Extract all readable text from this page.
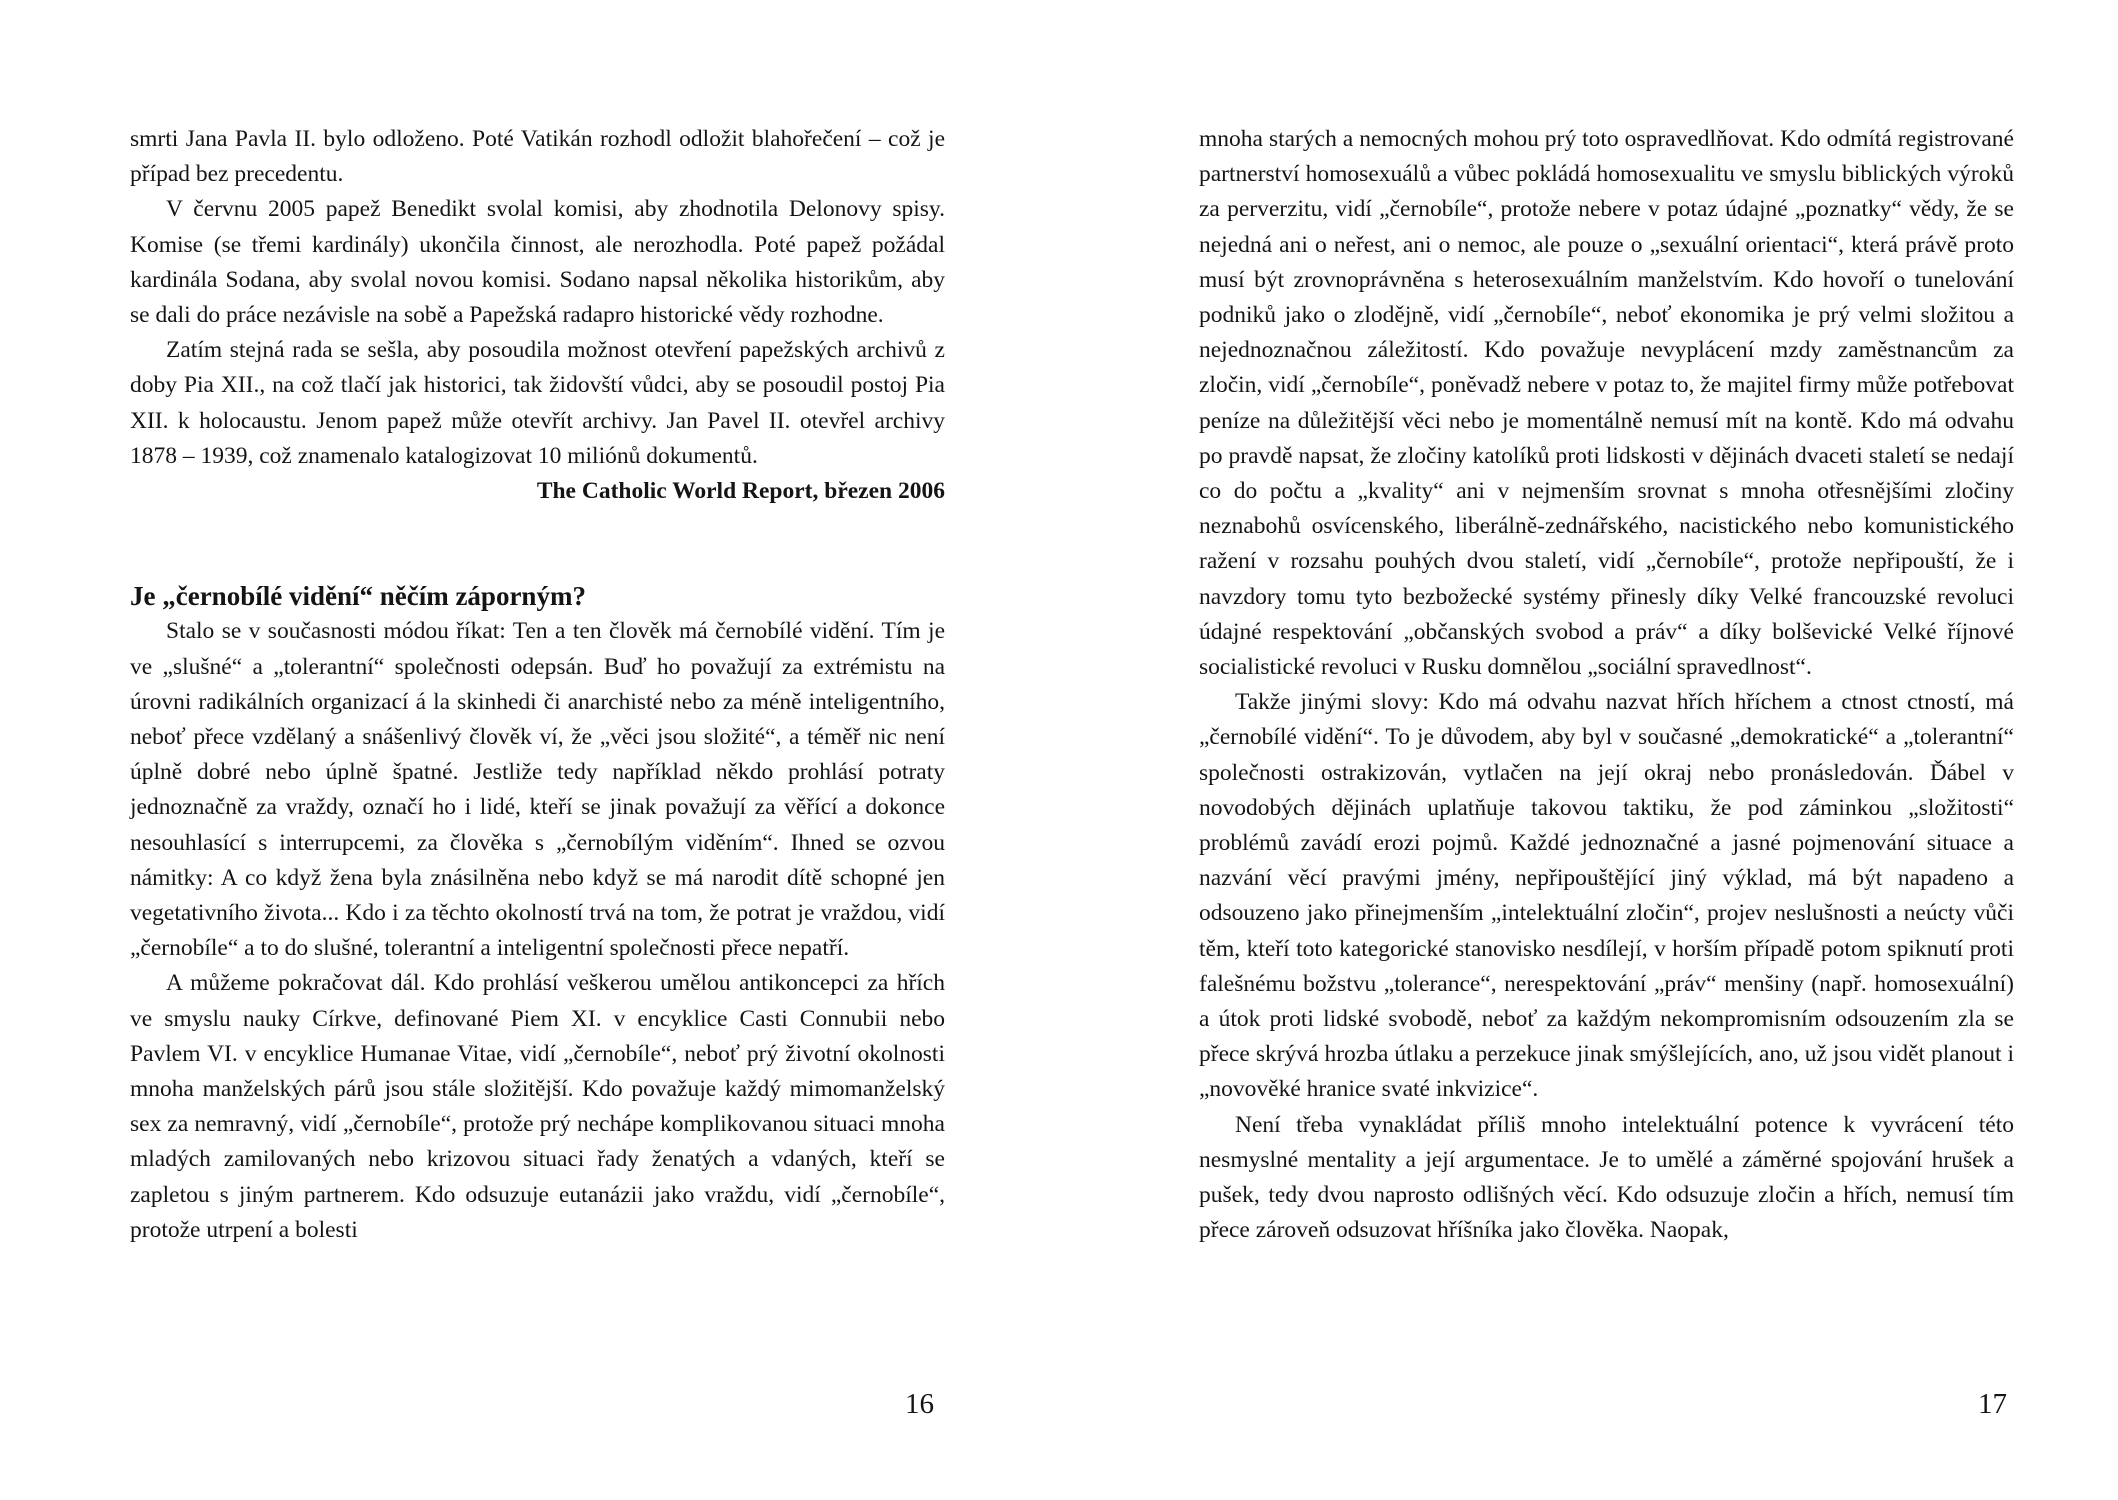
smrti Jana Pavla II. bylo odloženo. Poté Vatikán rozhodl odložit blahořečení – což je případ bez precedentu.

V červnu 2005 papež Benedikt svolal komisi, aby zhodnotila Delonovy spisy. Komise (se třemi kardinály) ukončila činnost, ale nerozhodla. Poté papež požádal kardinála Sodana, aby svolal novou komisi. Sodano napsal několika historikům, aby se dali do práce nezávisle na sobě a Papežská radapro historické vědy rozhodne.

Zatím stejná rada se sešla, aby posoudila možnost otevření papežských archivů z doby Pia XII., na což tlačí jak historici, tak židovští vůdci, aby se posoudil postoj Pia XII. k holocaustu. Jenom papež může otevřít archivy. Jan Pavel II. otevřel archivy 1878 – 1939, což znamenalo katalogizovat 10 miliónů dokumentů.

The Catholic World Report, březen 2006

Je „černobílé vidění“ něčím záporným?

Stalo se v současnosti módou říkat: Ten a ten člověk má černobílé vidění. Tím je ve „slušné“ a „tolerantní“ společnosti odepsán. Buď ho považují za extrémistu na úrovni radikálních organizací á la skinhedi či anarchisté nebo za méně inteligentního, neboť přece vzdělaný a snášenlivý člověk ví, že „věci jsou složité“, a téměř nic není úplně dobré nebo úplně špatné. Jestliže tedy například někdo prohlásí potraty jednoznačně za vraždy, označí ho i lidé, kteří se jinak považují za věřící a dokonce nesouhlasící s interrupcemi, za člověka s „černobílým viděním“. Ihned se ozvou námitky: A co když žena byla znásilněna nebo když se má narodit dítě schopné jen vegetativního života... Kdo i za těchto okolností trvá na tom, že potrat je vraždou, vidí „černobíle“ a to do slušné, tolerantní a inteligentní společnosti přece nepatří.

A můžeme pokračovat dál. Kdo prohlásí veškerou umělou antikoncepci za hřích ve smyslu nauky Církve, definované Piem XI. v encyklice Casti Connubii nebo Pavlem VI. v encyklice Humanae Vitae, vidí „černobíle“, neboť prý životní okolnosti mnoha manželských párů jsou stále složitější. Kdo považuje každý mimomanželský sex za nemravný, vidí „černobíle“, protože prý nechápe komplikovanou situaci mnoha mladých zamilovaných nebo krizovou situaci řady ženatých a vdaných, kteří se zapletou s jiným partnerem. Kdo odsuzuje eutanázii jako vraždu, vidí „černobíle“, protože utrpení a bolesti

16

mnoha starých a nemocných mohou prý toto ospravedlňovat. Kdo odmítá registrované partnerství homosexuálů a vůbec pokládá homosexualitu ve smyslu biblických výroků za perverzitu, vidí „černobíle“, protože nebere v potaz údajné „poznatky“ vědy, že se nejedná ani o neřest, ani o nemoc, ale pouze o „sexuální orientaci“, která právě proto musí být zrovnoprávněna s heterosexuálním manželstvím. Kdo hovoří o tunelování podniků jako o zlodějně, vidí „černobíle“, neboť ekonomika je prý velmi složitou a nejednoznačnou záležitostí. Kdo považuje nevyplácení mzdy zaměstnancům za zločin, vidí „černobíle“, poněvadž nebere v potaz to, že majitel firmy může potřebovat peníze na důležitější věci nebo je momentálně nemusí mít na kontě. Kdo má odvahu po pravdě napsat, že zločiny katolíků proti lidskosti v dějinách dvaceti staletí se nedají co do počtu a „kvality“ ani v nejmenším srovnat s mnoha otřesnějšími zločiny neznabohů osvícenského, liberálně-zednářského, nacistického nebo komunistického ražení v rozsahu pouhých dvou staletí, vidí „černobíle“, protože nepřipouští, že i navzdory tomu tyto bezbožecké systémy přinesly díky Velké francouzské revoluci údajné respektování „občanských svobod a práv“ a díky bolševické Velké říjnové socialistické revoluci v Rusku domnělou „sociální spravedlnost“.

Takže jinými slovy: Kdo má odvahu nazvat hřích hříchem a ctnost ctností, má „černobílé vidění“. To je důvodem, aby byl v současné „demokratické“ a „tolerantní“ společnosti ostrakizován, vytlačen na její okraj nebo pronásledován. Ďábel v novodobých dějinách uplatňuje takovou taktiku, že pod záminkou „složitosti“ problémů zavádí erozi pojmů. Každé jednoznačné a jasné pojmenování situace a nazvání věcí pravými jmény, nepřipouštějící jiný výklad, má být napadeno a odsouzeno jako přinejmenším „intelektuální zločin“, projev neslušnosti a neúcty vůči těm, kteří toto kategorické stanovisko nesdílejí, v horším případě potom spiknutí proti falešnému božstvu „tolerance“, nerespektování „práv“ menšiny (např. homosexuální) a útok proti lidské svobodě, neboť za každým nekompromisním odsouzením zla se přece skrývá hrozba útlaku a perzekuce jinak smýšlejících, ano, už jsou vidět planout i „novověké hranice svaté inkvizice“.

Není třeba vynakládat příliš mnoho intelektuální potence k vyvrácení této nesmyslné mentality a její argumentace. Je to umělé a záměrné spojování hrušek a pušek, tedy dvou naprosto odlišných věcí. Kdo odsuzuje zločin a hřích, nemusí tím přece zároveň odsuzovat hříšníka jako člověka. Naopak,

17
